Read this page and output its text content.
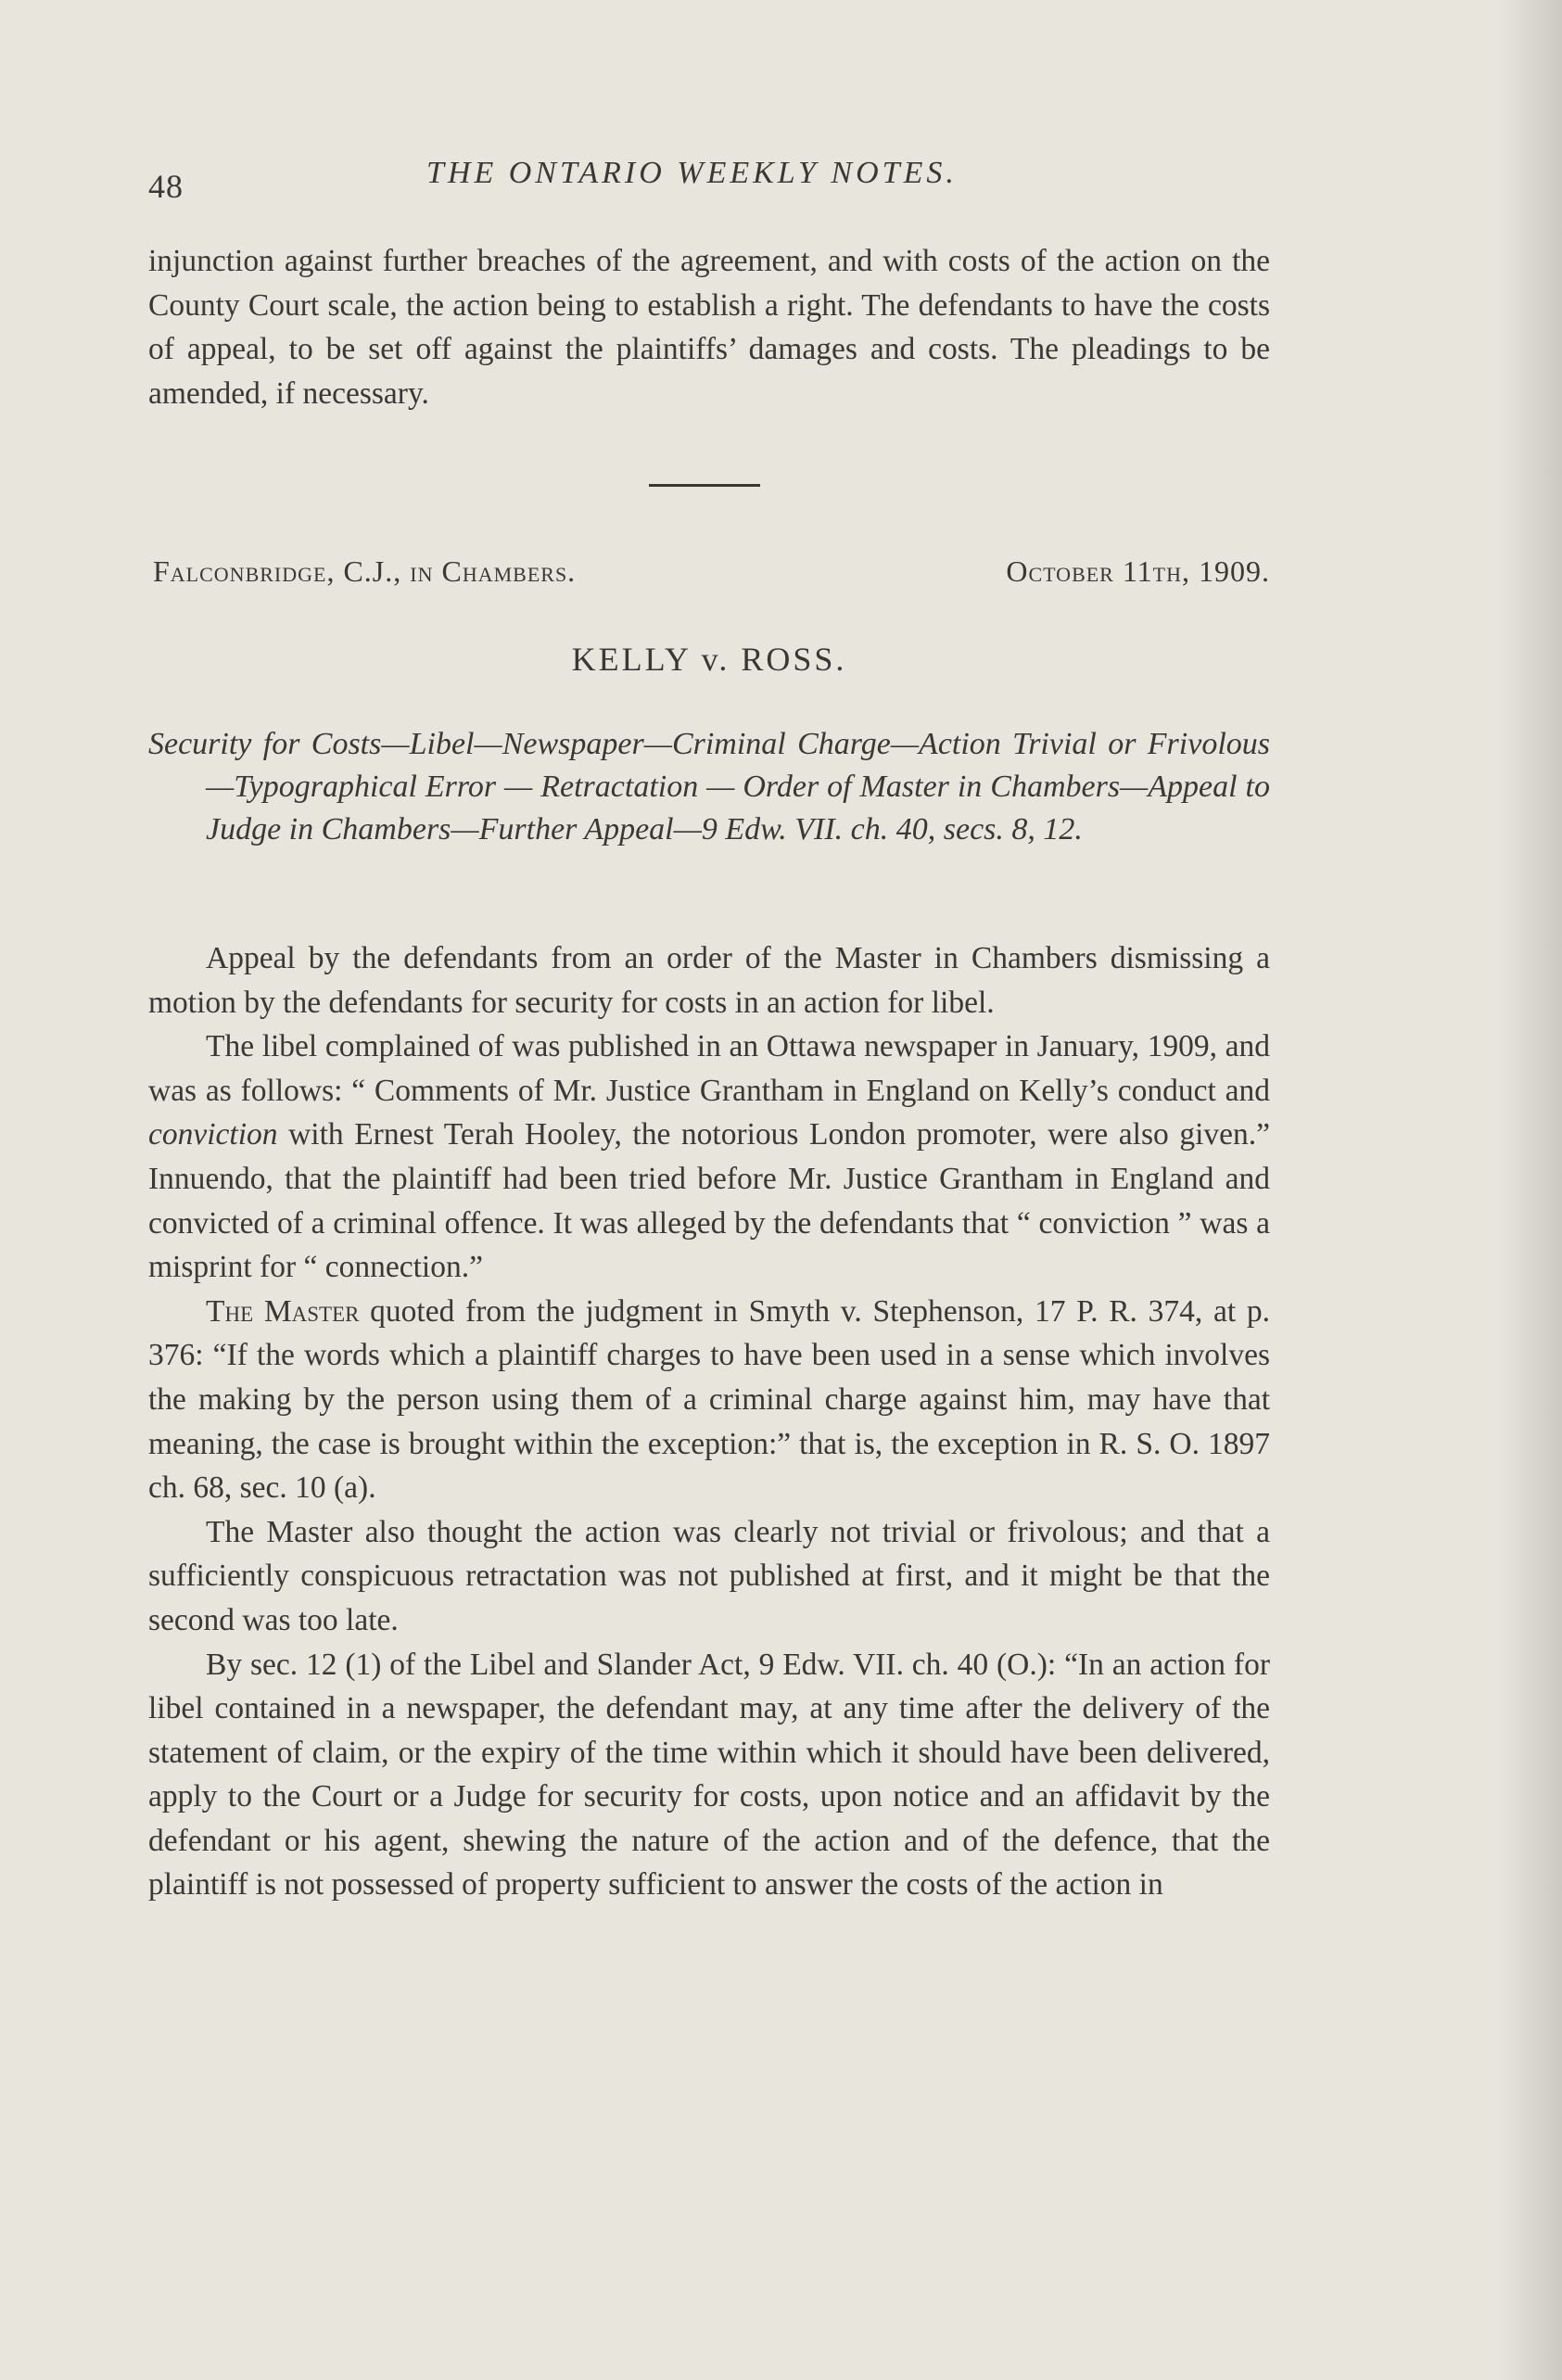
48	THE ONTARIO WEEKLY NOTES.

injunction against further breaches of the agreement, and with costs of the action on the County Court scale, the action being to establish a right. The defendants to have the costs of appeal, to be set off against the plaintiffs’ damages and costs. The pleadings to be amended, if necessary.

Falconbridge, C.J., in Chambers.	October 11th, 1909.
KELLY v. ROSS.

Security for Costs—Libel—Newspaper—Criminal Charge—Action Trivial or Frivolous—Typographical Error — Retractation — Order of Master in Chambers—Appeal to Judge in Chambers—Further Appeal—9 Edw. VII. ch. 40, secs. 8, 12.

Appeal by the defendants from an order of the Master in Chambers dismissing a motion by the defendants for security for costs in an action for libel.

The libel complained of was published in an Ottawa newspaper in January, 1909, and was as follows: “ Comments of Mr. Justice Grantham in England on Kelly’s conduct and conviction with Ernest Terah Hooley, the notorious London promoter, were also given.” Innuendo, that the plaintiff had been tried before Mr. Justice Grantham in England and convicted of a criminal offence. It was alleged by the defendants that “ conviction ” was a misprint for “ connection.”

The Master quoted from the judgment in Smyth v. Stephenson, 17 P. R. 374, at p. 376: “If the words which a plaintiff charges to have been used in a sense which involves the making by the person using them of a criminal charge against him, may have that meaning, the case is brought within the exception:” that is, the exception in R. S. O. 1897 ch. 68, sec. 10 (a).

The Master also thought the action was clearly not trivial or frivolous; and that a sufficiently conspicuous retractation was not published at first, and it might be that the second was too late.

By sec. 12 (1) of the Libel and Slander Act, 9 Edw. VII. ch. 40 (O.): “In an action for libel contained in a newspaper, the defendant may, at any time after the delivery of the statement of claim, or the expiry of the time within which it should have been delivered, apply to the Court or a Judge for security for costs, upon notice and an affidavit by the defendant or his agent, shewing the nature of the action and of the defence, that the plaintiff is not possessed of property sufficient to answer the costs of the action in
